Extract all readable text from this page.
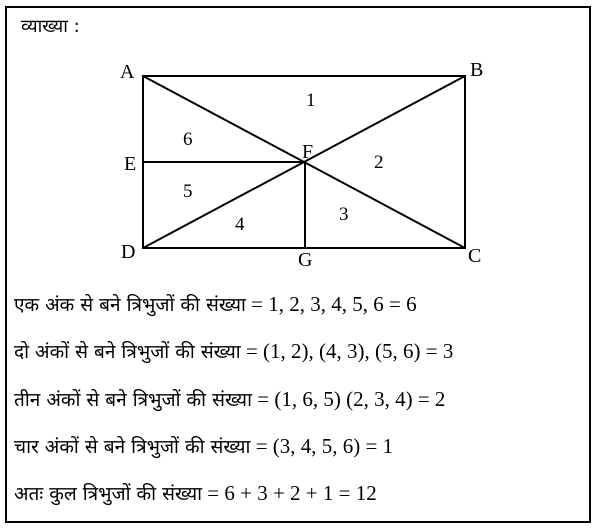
व्याख्या :
A	B
C
D
E
F
G
1
2
3
4
5
6
एक अंक से बने त्रिभुजों की संख्या = 1, 2, 3, 4, 5, 6 = 6
दो अंकों से बने त्रिभुजों की संख्या = (1, 2), (4, 3), (5, 6) = 3
तीन अंकों से बने त्रिभुजों की संख्या = (1, 6, 5) (2, 3, 4) = 2
चार अंकों से बने त्रिभुजों की संख्या = (3, 4, 5, 6) = 1
अतः कुल त्रिभुजों की संख्या = 6 + 3 + 2 + 1 = 12
